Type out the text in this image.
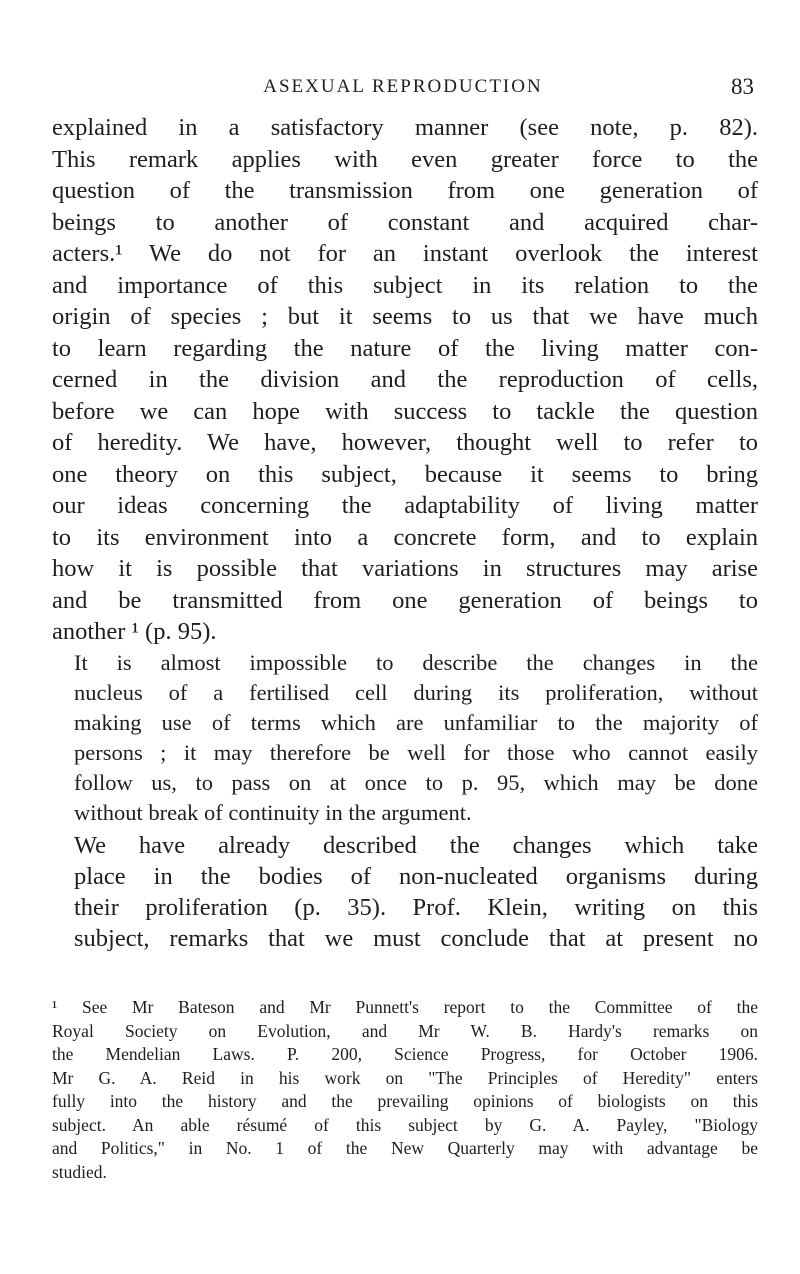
ASEXUAL REPRODUCTION	83

explained in a satisfactory manner (see note, p. 82).
This remark applies with even greater force to the
question of the transmission from one generation of
beings to another of constant and acquired char-
acters.¹ We do not for an instant overlook the interest
and importance of this subject in its relation to the
origin of species ; but it seems to us that we have much
to learn regarding the nature of the living matter con-
cerned in the division and the reproduction of cells,
before we can hope with success to tackle the question
of heredity. We have, however, thought well to refer to
one theory on this subject, because it seems to bring
our ideas concerning the adaptability of living matter
to its environment into a concrete form, and to explain
how it is possible that variations in structures may arise
and be transmitted from one generation of beings to
another ¹ (p. 95).

It is almost impossible to describe the changes in the
nucleus of a fertilised cell during its proliferation, without
making use of terms which are unfamiliar to the majority of
persons ; it may therefore be well for those who cannot easily
follow us, to pass on at once to p. 95, which may be done
without break of continuity in the argument.

We have already described the changes which take
place in the bodies of non-nucleated organisms during
their proliferation (p. 35). Prof. Klein, writing on this
subject, remarks that we must conclude that at present no

¹ See Mr Bateson and Mr Punnett's report to the Committee of the
Royal Society on Evolution, and Mr W. B. Hardy's remarks on
the Mendelian Laws. P. 200, Science Progress, for October 1906.
Mr G. A. Reid in his work on "The Principles of Heredity" enters
fully into the history and the prevailing opinions of biologists on this
subject. An able résumé of this subject by G. A. Payley, "Biology
and Politics," in No. 1 of the New Quarterly may with advantage be
studied.
